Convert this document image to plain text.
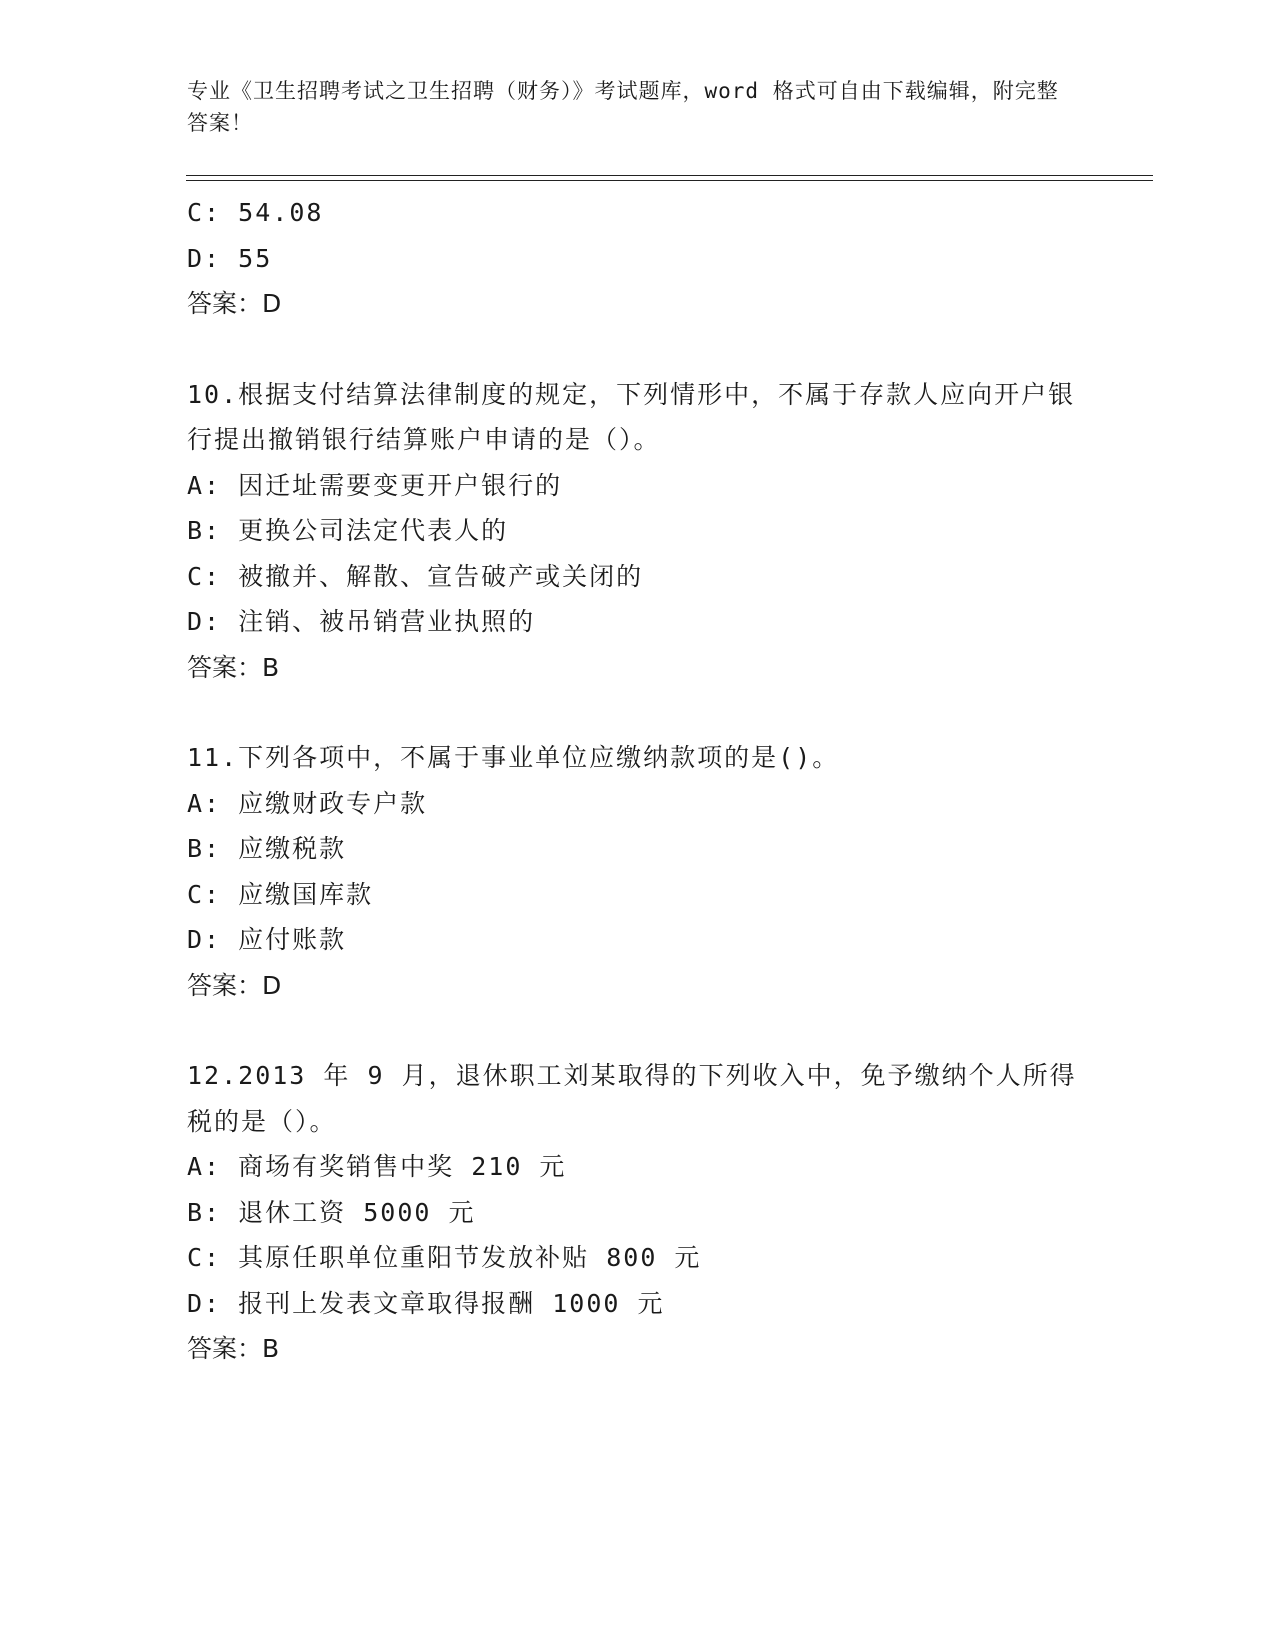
专业《卫生招聘考试之卫生招聘（财务）》考试题库，word 格式可自由下载编辑，附完整答案！
C: 54.08
D: 55
答案：D
10.根据支付结算法律制度的规定，下列情形中，不属于存款人应向开户银行提出撤销银行结算账户申请的是（）。
A: 因迁址需要变更开户银行的
B: 更换公司法定代表人的
C: 被撤并、解散、宣告破产或关闭的
D: 注销、被吊销营业执照的
答案：B
11.下列各项中，不属于事业单位应缴纳款项的是()。
A: 应缴财政专户款
B: 应缴税款
C: 应缴国库款
D: 应付账款
答案：D
12.2013 年 9 月，退休职工刘某取得的下列收入中，免予缴纳个人所得税的是（）。
A: 商场有奖销售中奖 210 元
B: 退休工资 5000 元
C: 其原任职单位重阳节发放补贴 800 元
D: 报刊上发表文章取得报酬 1000 元
答案：B
